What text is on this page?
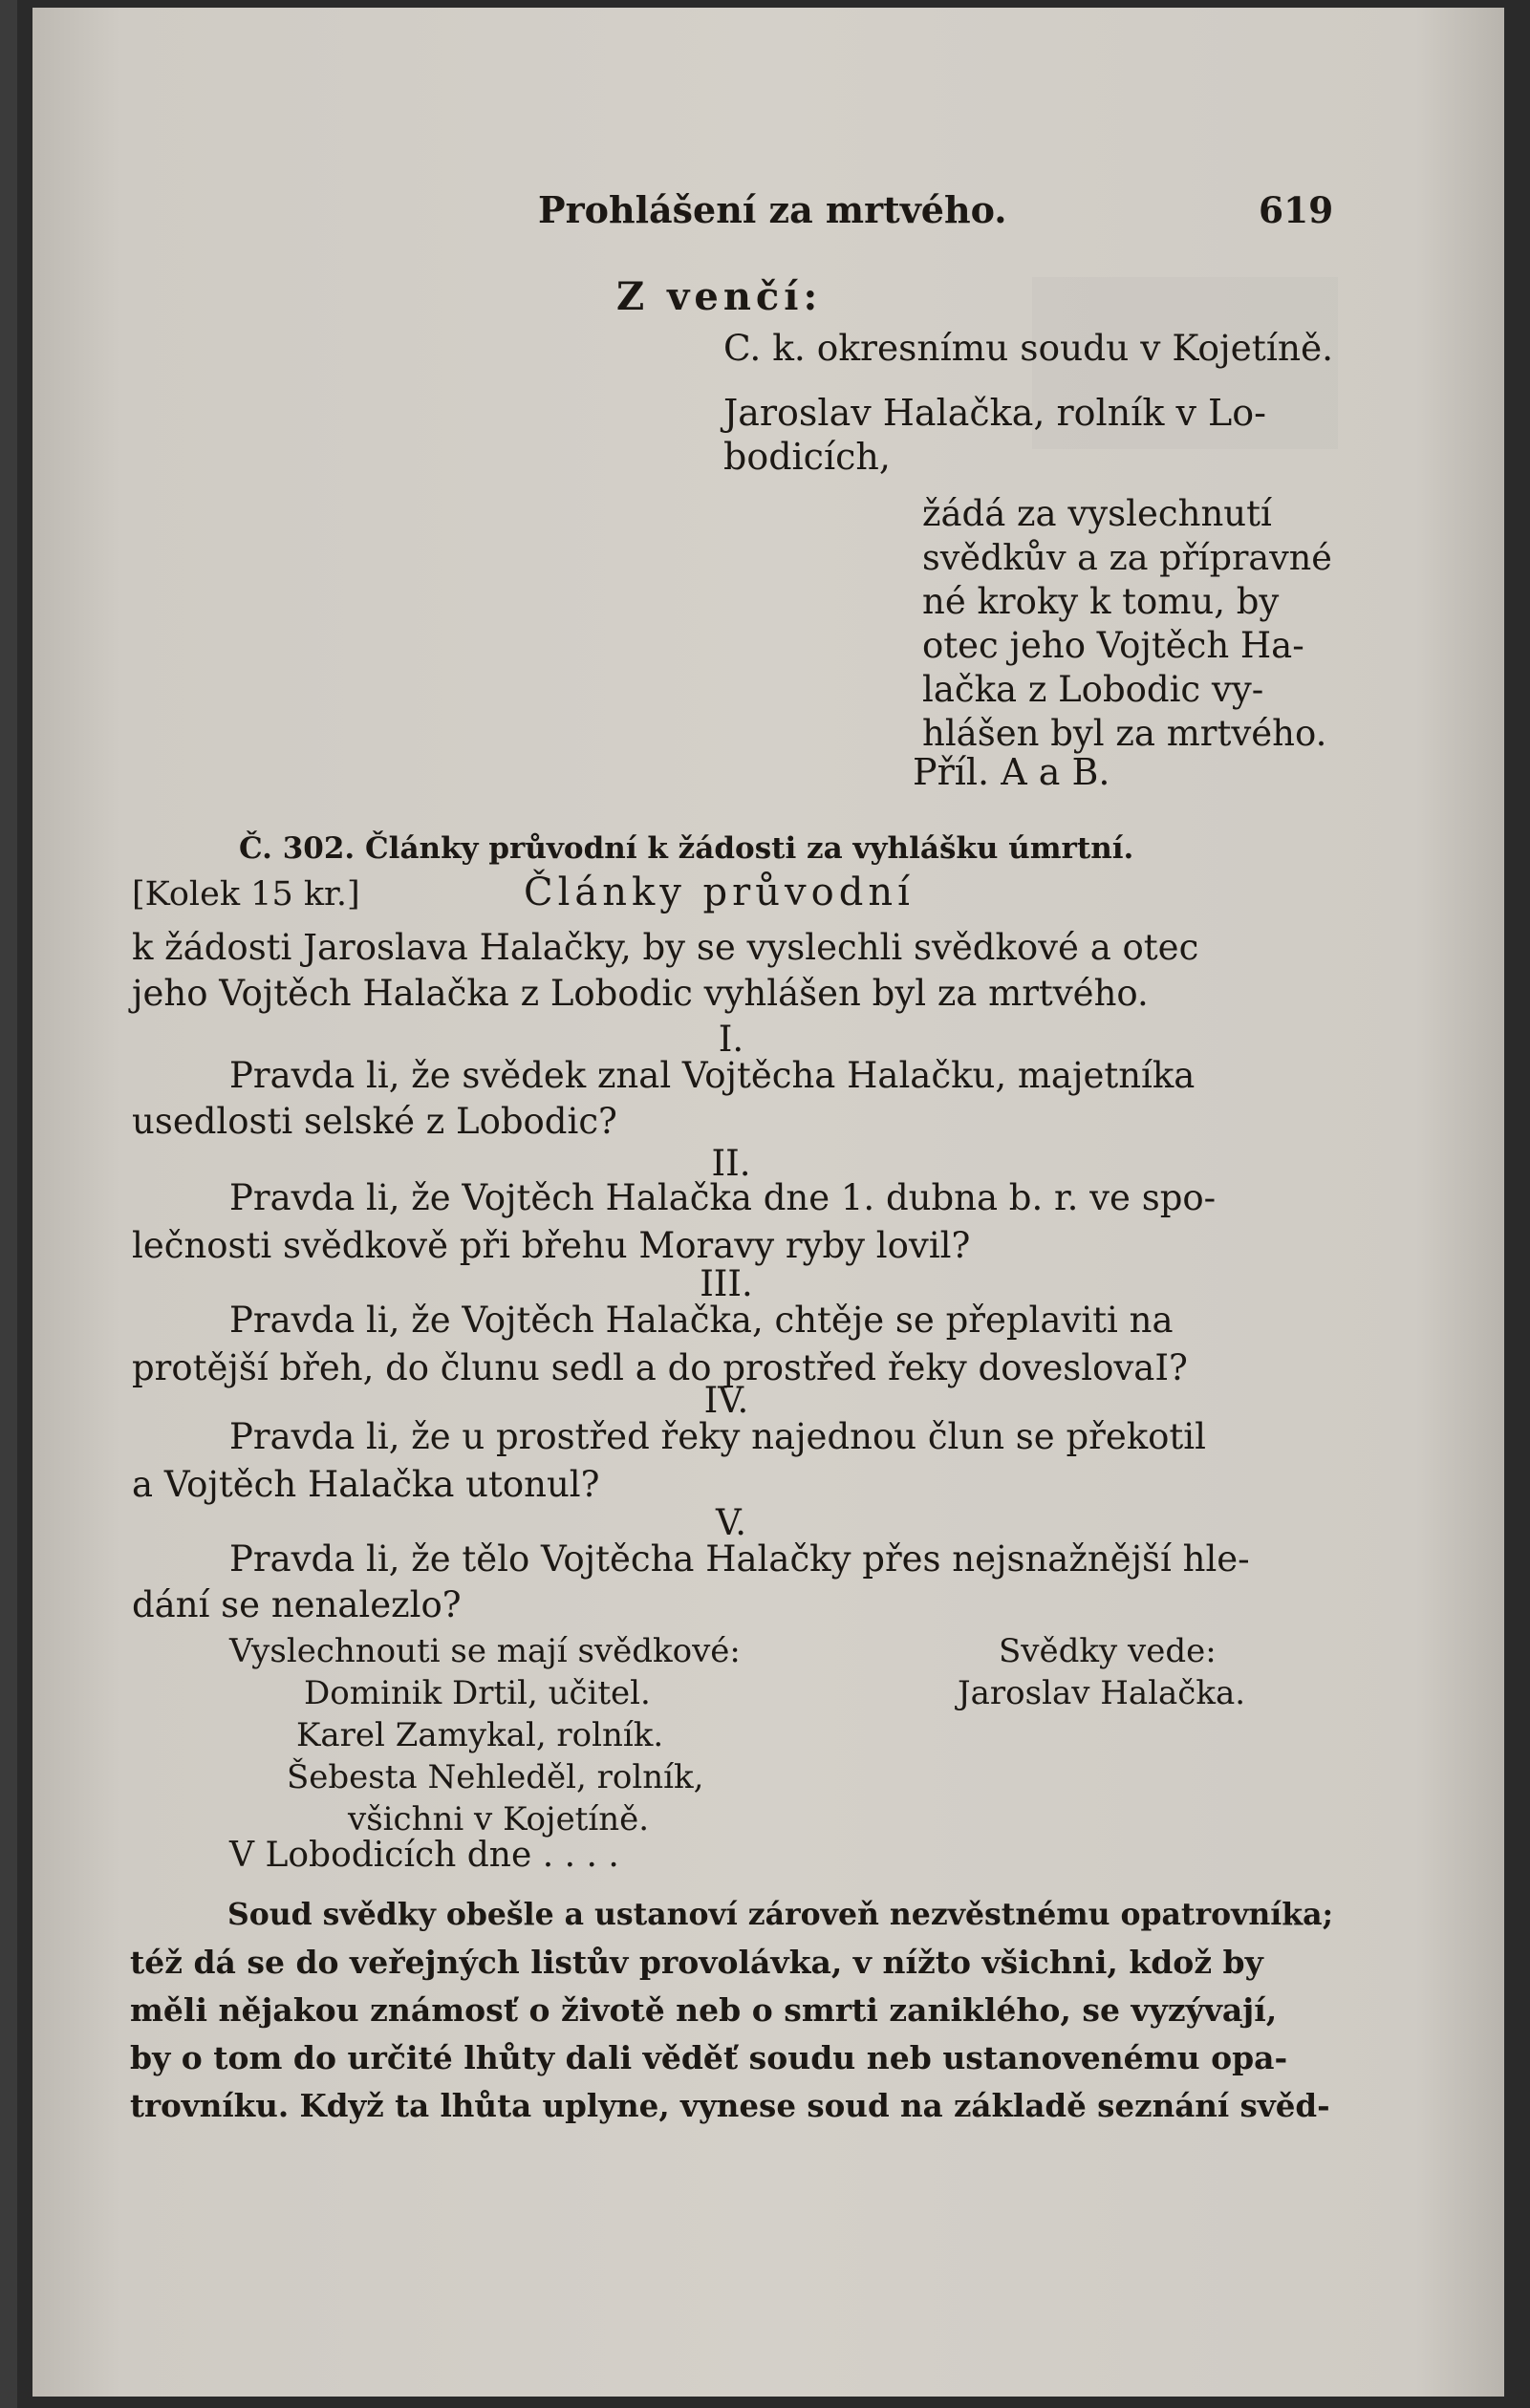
Prohlášení za mrtvého.	619
Z venčí:
C. k. okresnímu soudu v Kojetíně.
Jaroslav Halačka, rolník v Lo-
bodicích,
žádá za vyslechnutí
svědkův a za přípravné
né kroky k tomu, by
otec jeho Vojtěch Ha-
lačka z Lobodic vy-
hlášen byl za mrtvého.
Příl. A a B.
Č. 302. Články průvodní k žádosti za vyhlášku úmrtní.
[Kolek 15 kr.]	Články průvodní
k žádosti Jaroslava Halačky, by se vyslechli svědkové a otec
jeho Vojtěch Halačka z Lobodic vyhlášen byl za mrtvého.
I.
Pravda li, že svědek znal Vojtěcha Halačku, majetníka
usedlosti selské z Lobodic?
II.
Pravda li, že Vojtěch Halačka dne 1. dubna b. r. ve spo-
lečnosti svědkově při břehu Moravy ryby lovil?
III.
Pravda li, že Vojtěch Halačka, chtěje se přeplaviti na
protější břeh, do člunu sedl a do prostřed řeky doveslovaI?
IV.
Pravda li, že u prostřed řeky najednou člun se překotil
a Vojtěch Halačka utonul?
V.
Pravda li, že tělo Vojtěcha Halačky přes nejsnažnější hle-
dání se nenalezlo?
Vyslechnouti se mají svědkové:
Dominik Drtil, učitel.
Karel Zamykal, rolník.
Šebesta Nehleděl, rolník,
všichni v Kojetíně.
Svědky vede:
Jaroslav Halačka.
V Lobodicích dne . . . .
Soud svědky obešle a ustanoví zároveň nezvěstnému opatrovníka;
též dá se do veřejných listův provolávka, v nížto všichni, kdož by
měli nějakou známosť o životě neb o smrti zaniklého, se vyzývají,
by o tom do určité lhůty dali věděť soudu neb ustanovenému opa-
trovníku. Když ta lhůta uplyne, vynese soud na základě seznání svěd-
